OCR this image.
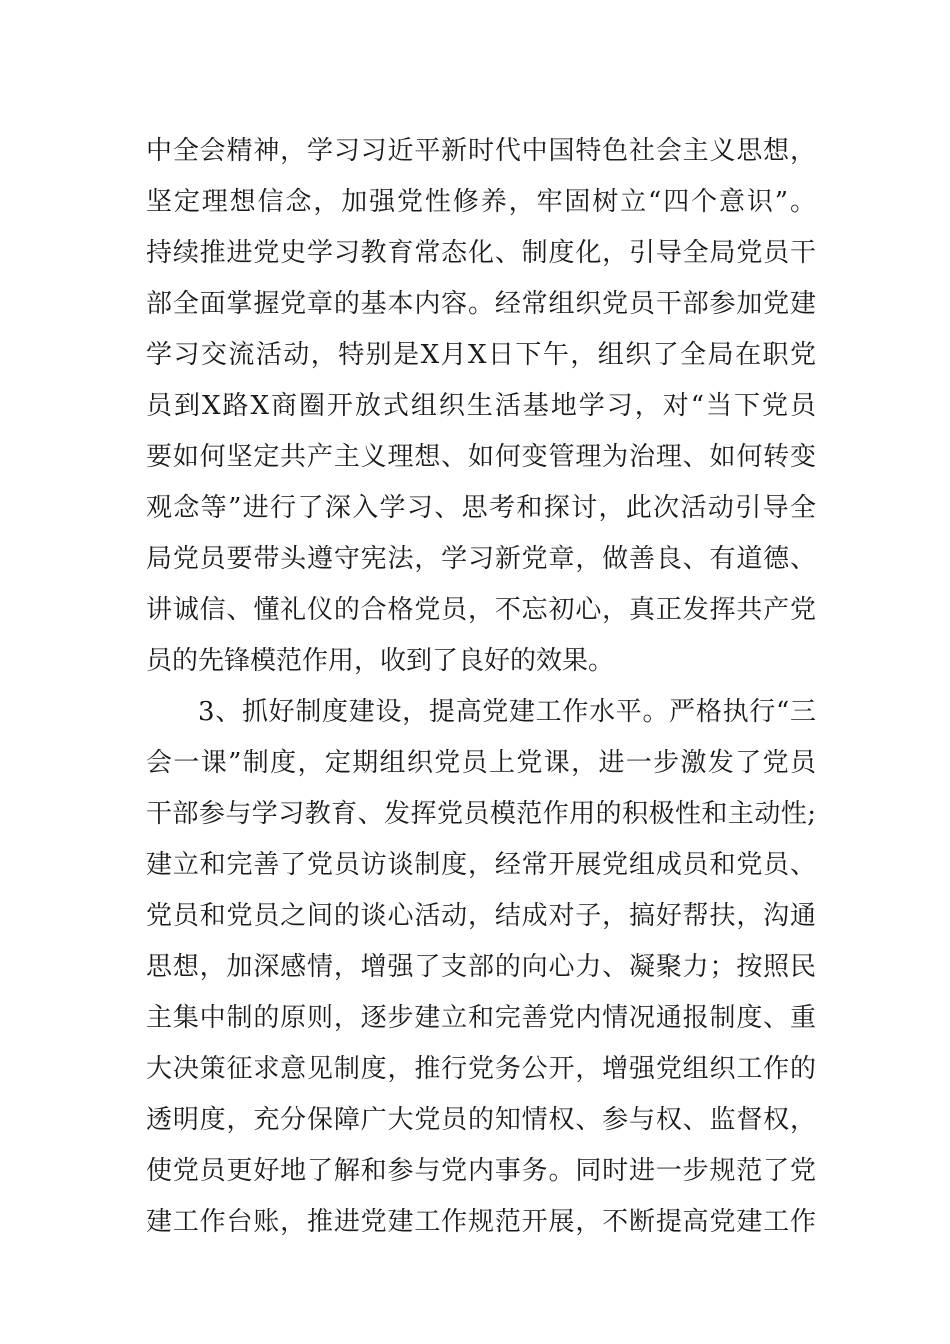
中全会精神，学习习近平新时代中国特色社会主义思想，
坚定理想信念，加强党性修养，牢固树立“四个意识”。
持续推进党史学习教育常态化、制度化，引导全局党员干
部全面掌握党章的基本内容。经常组织党员干部参加党建
学习交流活动，特别是X月X日下午，组织了全局在职党
员到X路X商圈开放式组织生活基地学习，对“当下党员
要如何坚定共产主义理想、如何变管理为治理、如何转变
观念等”进行了深入学习、思考和探讨，此次活动引导全
局党员要带头遵守宪法，学习新党章，做善良、有道德、
讲诚信、懂礼仪的合格党员，不忘初心，真正发挥共产党
员的先锋模范作用，收到了良好的效果。
3、抓好制度建设，提高党建工作水平。严格执行“三
会一课”制度，定期组织党员上党课，进一步激发了党员
干部参与学习教育、发挥党员模范作用的积极性和主动性;
建立和完善了党员访谈制度，经常开展党组成员和党员、
党员和党员之间的谈心活动，结成对子，搞好帮扶，沟通
思想，加深感情，增强了支部的向心力、凝聚力；按照民
主集中制的原则，逐步建立和完善党内情况通报制度、重
大决策征求意见制度，推行党务公开，增强党组织工作的
透明度，充分保障广大党员的知情权、参与权、监督权，
使党员更好地了解和参与党内事务。同时进一步规范了党
建工作台账，推进党建工作规范开展，不断提高党建工作
